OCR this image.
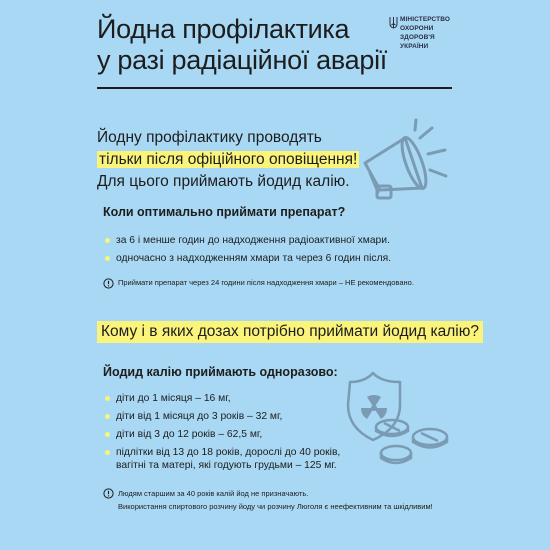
Йодна профілактика
у разі радіаційної аварії
МІНІСТЕРСТВО
ОХОРОНИ
ЗДОРОВ'Я
УКРАЇНИ
Йодну профілактику проводять
тільки після офіційного оповіщення!
Для цього приймають йодид калію.
Коли оптимально приймати препарат?
за 6 і менше годин до надходження радіоактивної хмари.
одночасно з надходженням хмари та через 6 годин після.
Приймати препарат через 24 години після надходження хмари – НЕ рекомендовано.
Кому і в яких дозах потрібно приймати йодид калію?
Йодид калію приймають одноразово:
діти до 1 місяця – 16 мг,
діти від 1 місяця до 3 років – 32 мг,
діти від 3 до 12 років – 62,5 мг,
підлітки від 13 до 18 років, дорослі до 40 років,
вагітні та матері, які годують грудьми – 125 мг.
Людям старшим за 40 років калій йод не призначають.
Використання спиртового розчину йоду чи розчину Люголя є неефективним та шкідливим!
